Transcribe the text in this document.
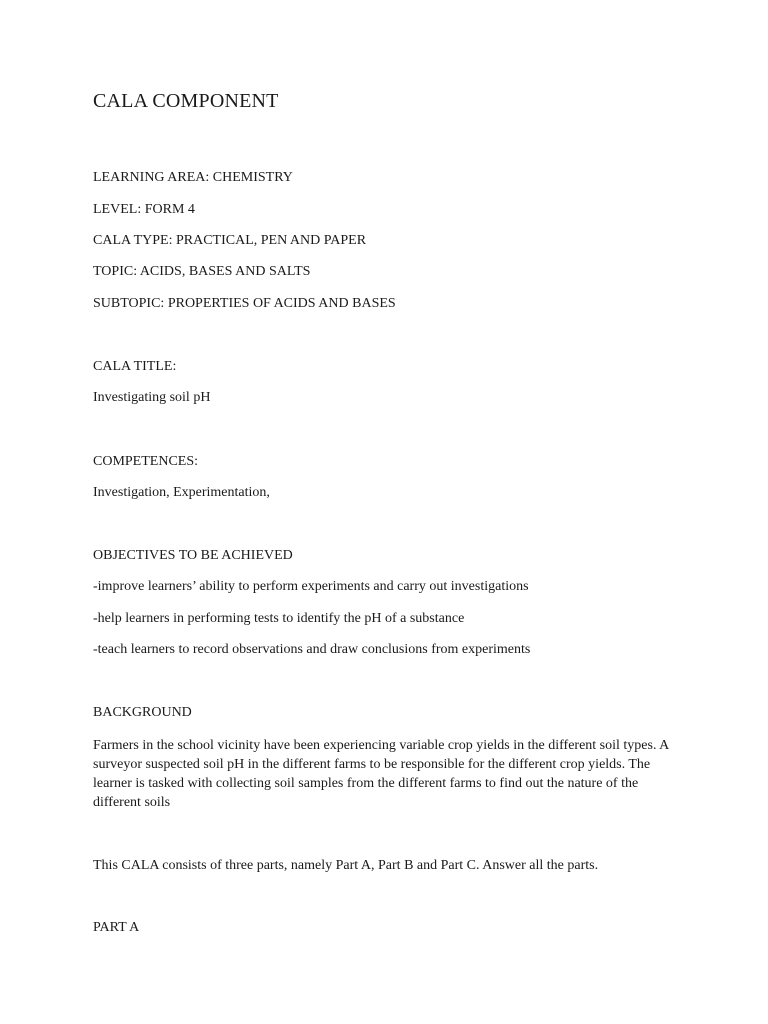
CALA COMPONENT

LEARNING AREA: CHEMISTRY

LEVEL: FORM 4

CALA TYPE: PRACTICAL, PEN AND PAPER

TOPIC: ACIDS, BASES AND SALTS

SUBTOPIC: PROPERTIES OF ACIDS AND BASES

CALA TITLE:

Investigating soil pH

COMPETENCES:

Investigation, Experimentation,

OBJECTIVES TO BE ACHIEVED

-improve learners’ ability to perform experiments and carry out investigations

-help learners in performing tests to identify the pH of a substance

-teach learners to record observations and draw conclusions from experiments

BACKGROUND

Farmers in the school vicinity have been experiencing variable crop yields in the different soil types. A surveyor suspected soil pH in the different farms to be responsible for the different crop yields. The learner is tasked with collecting soil samples from the different farms to find out the nature of the different soils

This CALA consists of three parts, namely Part A, Part B and Part C. Answer all the parts.

PART A
